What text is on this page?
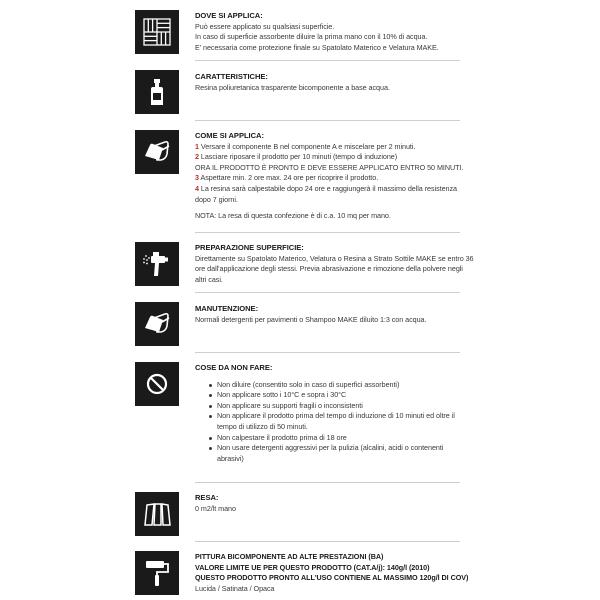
DOVE SI APPLICA:
Può essere applicato su qualsiasi superficie.
In caso di superficie assorbente diluire la prima mano con il 10% di acqua.
E' necessaria come protezione finale su Spatolato Materico e Velatura MAKE.
CARATTERISTICHE:
Resina poliuretanica trasparente bicomponente a base acqua.
COME SI APPLICA:
1 Versare il componente B nel componente A e miscelare per 2 minuti.
2 Lasciare riposare il prodotto per 10 minuti (tempo di induzione)
ORA IL PRODOTTO È PRONTO E DEVE ESSERE APPLICATO ENTRO 50 MINUTI.
3 Aspettare min. 2 ore max. 24 ore per ricoprire il prodotto.
4 La resina sarà calpestabile dopo 24 ore e raggiungerà il massimo della resistenza
dopo 7 giorni.
NOTA: La resa di questa confezione è di c.a. 10 mq per mano.
PREPARAZIONE SUPERFICIE:
Direttamente su Spatolato Materico, Velatura o Resina a Strato Sottile MAKE se entro 36
ore dall'applicazione degli stessi. Previa abrasivazione e rimozione della polvere negli
altri casi.
MANUTENZIONE:
Normali detergenti per pavimenti o Shampoo MAKE diluito 1:3 con acqua.
COSE DA NON FARE:
Non diluire (consentito solo in caso di superfici assorbenti)
Non applicare sotto i 10°C e sopra i 30°C
Non applicare su supporti fragili o inconsistenti
Non applicare il prodotto prima del tempo di induzione di 10 minuti ed oltre il
tempo di utilizzo di 50 minuti.
Non calpestare il prodotto prima di 18 ore
Non usare detergenti aggressivi per la pulizia (alcalini, acidi o contenenti
abrasivi)
RESA:
0 m2/lt mano
PITTURA BICOMPONENTE AD ALTE PRESTAZIONI (BA)
VALORE LIMITE UE PER QUESTO PRODOTTO (CAT.A/j): 140g/l (2010)
QUESTO PRODOTTO PRONTO ALL'USO CONTIENE AL MASSIMO 120g/l DI COV)
Lucida / Satinata / Opaca
